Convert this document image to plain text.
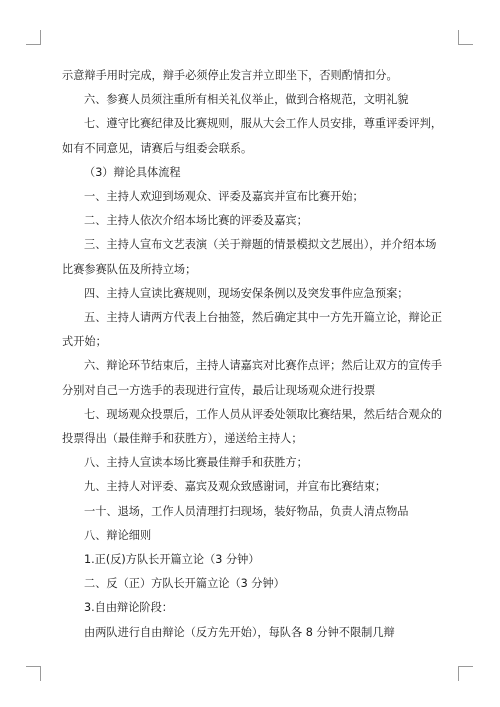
示意辩手用时完成，辩手必须停止发言并立即坐下，否则酌情扣分。

六、参赛人员须注重所有相关礼仪举止，做到合格规范，文明礼貌

七、遵守比赛纪律及比赛规则，服从大会工作人员安排，尊重评委评判，如有不同意见，请赛后与组委会联系。

（3）辩论具体流程

一、主持人欢迎到场观众、评委及嘉宾并宣布比赛开始；

二、主持人依次介绍本场比赛的评委及嘉宾；

三、主持人宣布文艺表演（关于辩题的情景模拟文艺展出），并介绍本场比赛参赛队伍及所持立场；

四、主持人宣读比赛规则，现场安保条例以及突发事件应急预案；

五、主持人请两方代表上台抽签，然后确定其中一方先开篇立论，辩论正式开始；

六、辩论环节结束后，主持人请嘉宾对比赛作点评；然后让双方的宣传手分别对自己一方选手的表现进行宣传，最后让现场观众进行投票

七、现场观众投票后，工作人员从评委处领取比赛结果，然后结合观众的投票得出（最佳辩手和获胜方），递送给主持人；

八、主持人宣读本场比赛最佳辩手和获胜方；

九、主持人对评委、嘉宾及观众致感谢词，并宣布比赛结束；

一十、退场，工作人员清理打扫现场，装好物品，负责人清点物品

八、辩论细则

1.正(反)方队长开篇立论（3 分钟）

二、反（正）方队长开篇立论（3 分钟）

3.自由辩论阶段：

由两队进行自由辩论（反方先开始），每队各 8 分钟不限制几辩
